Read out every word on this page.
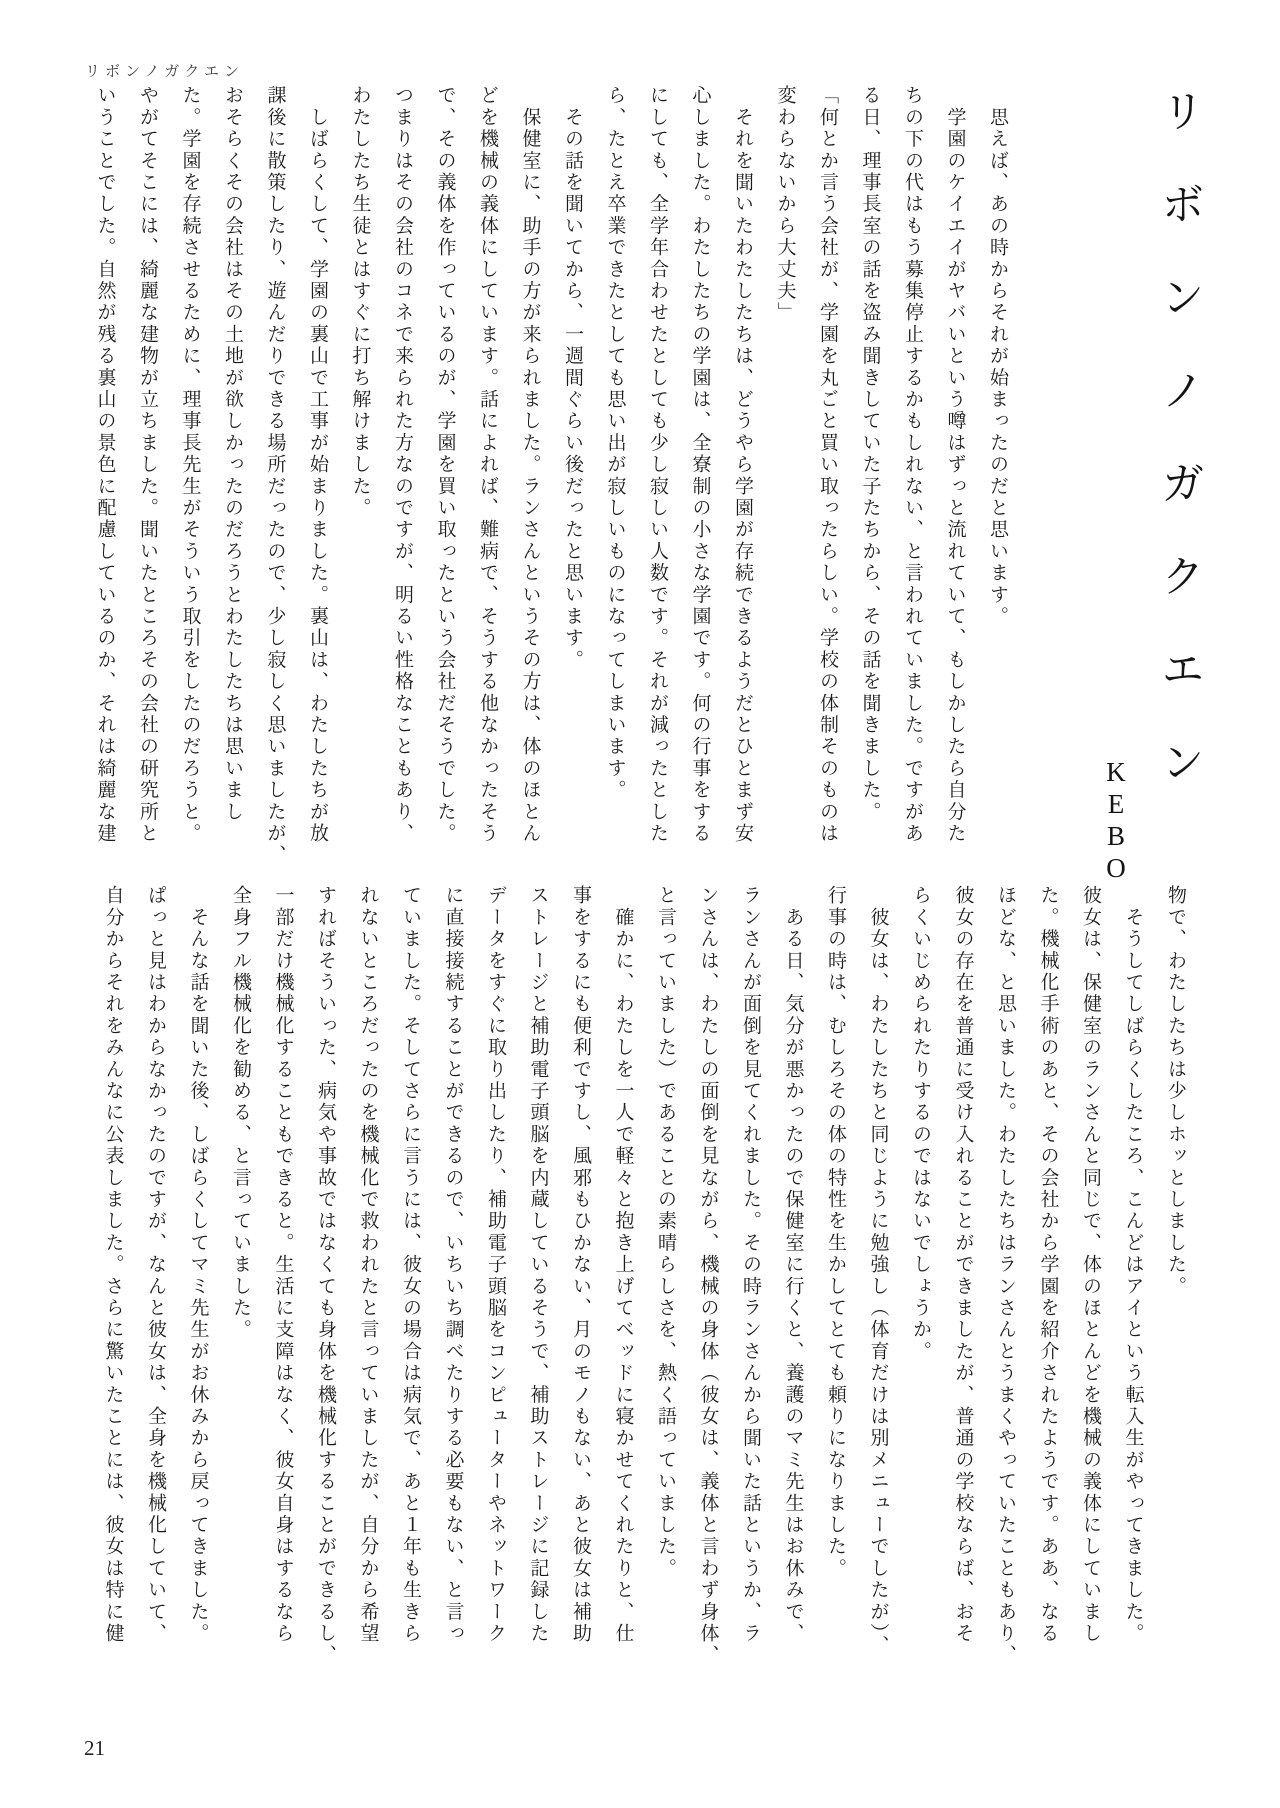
リボンノガクエン
リボンノガクエン
KEBO
　思えば、あの時からそれが始まったのだと思います。
　学園のケイエイがヤバいという噂はずっと流れていて、もしかしたら自分た
ちの下の代はもう募集停止するかもしれない、と言われていました。ですがあ
る日、理事長室の話を盗み聞きしていた子たちから、その話を聞きました。
「何とか言う会社が、学園を丸ごと買い取ったらしい。学校の体制そのものは
変わらないから大丈夫」
　それを聞いたわたしたちは、どうやら学園が存続できるようだとひとまず安
心しました。わたしたちの学園は、全寮制の小さな学園です。何の行事をする
にしても、全学年合わせたとしても少し寂しい人数です。それが減ったとした
ら、たとえ卒業できたとしても思い出が寂しいものになってしまいます。
　その話を聞いてから、一週間ぐらい後だったと思います。
　保健室に、助手の方が来られました。ランさんというその方は、体のほとん
どを機械の義体にしています。話によれば、難病で、そうする他なかったそう
で、その義体を作っているのが、学園を買い取ったという会社だそうでした。
つまりはその会社のコネで来られた方なのですが、明るい性格なこともあり、
わたしたち生徒とはすぐに打ち解けました。
　しばらくして、学園の裏山で工事が始まりました。裏山は、わたしたちが放
課後に散策したり、遊んだりできる場所だったので、少し寂しく思いましたが、
おそらくその会社はその土地が欲しかったのだろうとわたしたちは思いまし
た。学園を存続させるために、理事長先生がそういう取引をしたのだろうと。
やがてそこには、綺麗な建物が立ちました。聞いたところその会社の研究所と
いうことでした。自然が残る裏山の景色に配慮しているのか、それは綺麗な建
物で、わたしたちは少しホッとしました。
　そうしてしばらくしたころ、こんどはアイという転入生がやってきました。
彼女は、保健室のランさんと同じで、体のほとんどを機械の義体にしていまし
た。機械化手術のあと、その会社から学園を紹介されたようです。ああ、なる
ほどな、と思いました。わたしたちはランさんとうまくやっていたこともあり、
彼女の存在を普通に受け入れることができましたが、普通の学校ならば、おそ
らくいじめられたりするのではないでしょうか。
　彼女は、わたしたちと同じように勉強し（体育だけは別メニューでしたが）、
行事の時は、むしろその体の特性を生かしてとても頼りになりました。
　ある日、気分が悪かったので保健室に行くと、養護のマミ先生はお休みで、
ランさんが面倒を見てくれました。その時ランさんから聞いた話というか、ラ
ンさんは、わたしの面倒を見ながら、機械の身体（彼女は、義体と言わず身体、
と言っていました）であることの素晴らしさを、熱く語っていました。
　確かに、わたしを一人で軽々と抱き上げてベッドに寝かせてくれたりと、仕
事をするにも便利ですし、風邪もひかない、月のモノもない、あと彼女は補助
ストレージと補助電子頭脳を内蔵しているそうで、補助ストレージに記録した
データをすぐに取り出したり、補助電子頭脳をコンピューターやネットワーク
に直接接続することができるので、いちいち調べたりする必要もない、と言っ
ていました。そしてさらに言うには、彼女の場合は病気で、あと１年も生きら
れないところだったのを機械化で救われたと言っていましたが、自分から希望
すればそういった、病気や事故ではなくても身体を機械化することができるし、
一部だけ機械化することもできると。生活に支障はなく、彼女自身はするなら
全身フル機械化を勧める、と言っていました。
　そんな話を聞いた後、しばらくしてマミ先生がお休みから戻ってきました。
ぱっと見はわからなかったのですが、なんと彼女は、全身を機械化していて、
自分からそれをみんなに公表しました。さらに驚いたことには、彼女は特に健
21
